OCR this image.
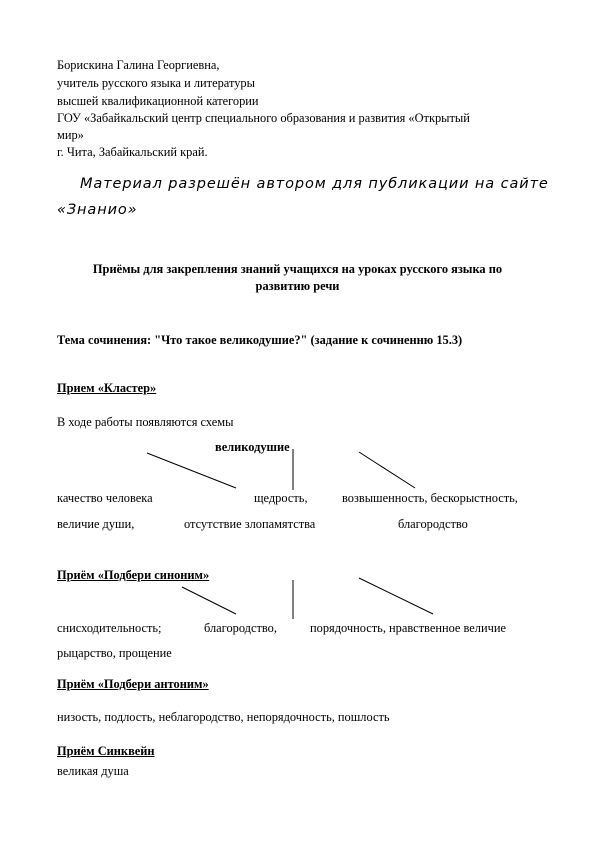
Борискина Галина Георгиевна,
учитель русского языка и литературы
высшей квалификационной категории
ГОУ «Забайкальский центр специального образования и развития «Открытый
мир»
г. Чита, Забайкальский край.
Материал разрешён автором для публикации на сайте
«Знанио»
Приёмы для закрепления знаний учащихся на уроках русского языка по
развитию речи
Тема сочинения: "Что такое великодушие?" (задание к сочиненню 15.3)
Прием «Кластер»
В ходе работы появляются схемы
великодушие
качество человека	щедрость,	возвышенность, бескорыстность,
величие души,	отсутствие злопамятства	благородство
Приём «Подбери синоним»
снисходительность;	благородство,	порядочность, нравственное величие
рыцарство, прощение
Приём «Подбери антоним»
низость, подлость, неблагородство, непорядочность, пошлость
Приём Синквейн
великая душа
